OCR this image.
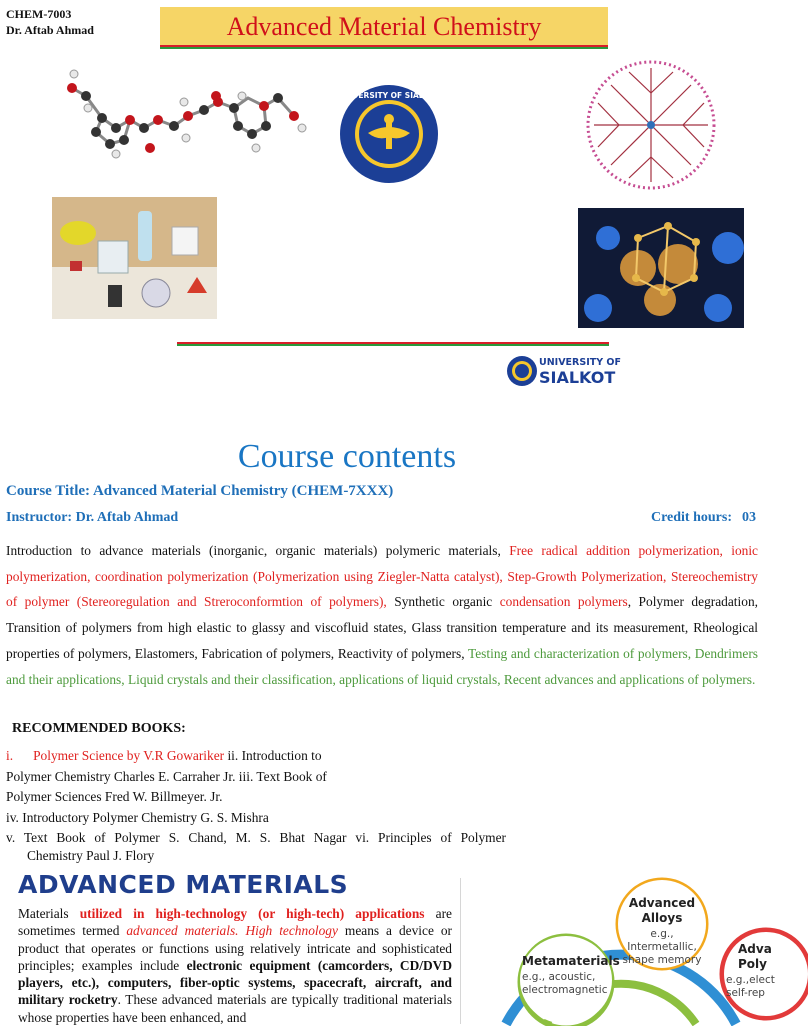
CHEM-7003
Dr. Aftab Ahmad	Advanced Material Chemistry
UNIVERSITY OF SIALKOT
USKT
UNIVERSITY OF
SIALKOT
Course contents
Course Title: Advanced Material Chemistry (CHEM-7XXX)
Instructor: Dr. Aftab Ahmad	Credit hours: 03
Introduction to advance materials (inorganic, organic materials) polymeric materials, Free radical addition polymerization, ionic polymerization, coordination polymerization (Polymerization using Ziegler-Natta catalyst), Step-Growth Polymerization, Stereochemistry of polymer (Stereoregulation and Streroconformtion of polymers), Synthetic organic condensation polymers, Polymer degradation, Transition of polymers from high elastic to glassy and viscofluid states, Glass transition temperature and its measurement, Rheological properties of polymers, Elastomers, Fabrication of polymers, Reactivity of polymers, Testing and characterization of polymers, Dendrimers and their applications, Liquid crystals and their classification, applications of liquid crystals, Recent advances and applications of polymers.
RECOMMENDED BOOKS:
i. Polymer Science by V.R Gowariker ii. Introduction to
Polymer Chemistry Charles E. Carraher Jr. iii. Text Book of
Polymer Sciences Fred W. Billmeyer. Jr.
iv. Introductory Polymer Chemistry G. S. Mishra
v. Text Book of Polymer S. Chand, M. S. Bhat Nagar vi. Principles of Polymer
Chemistry Paul J. Flory
ADVANCED MATERIALS
Materials utilized in high-technology (or high-tech) applications are sometimes termed advanced materials. High technology means a device or product that operates or functions using relatively intricate and sophisticated principles; examples include electronic equipment (camcorders, CD/DVD players, etc.), computers, fiber-optic systems, spacecraft, aircraft, and military rocketry. These advanced materials are typically traditional materials whose properties have been enhanced, and
Advanced Alloys
e.g., Intermetallic, shape memory
Metamaterials
e.g., acoustic, electromagnetic
Adva Poly
e.g.,elect self-rep
